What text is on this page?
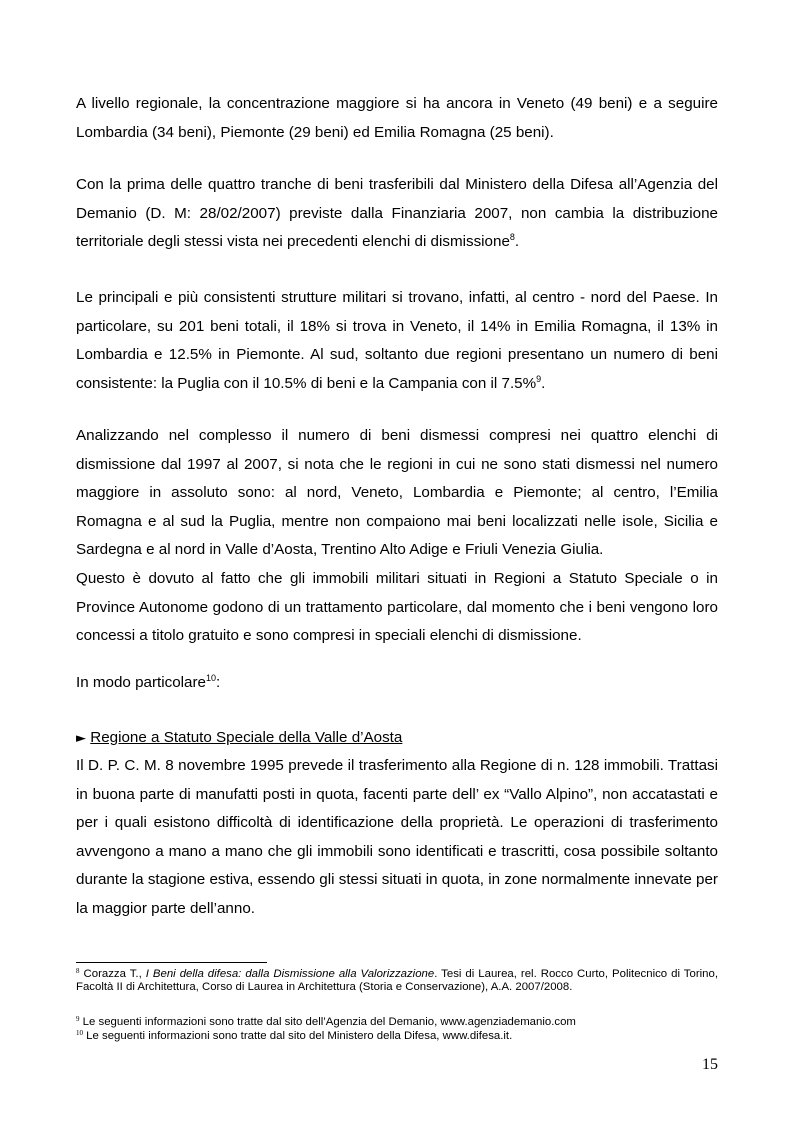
A livello regionale, la concentrazione maggiore si ha ancora in Veneto (49 beni) e a seguire Lombardia (34 beni), Piemonte (29 beni) ed Emilia Romagna (25 beni).

Con la prima delle quattro tranche di beni trasferibili dal Ministero della Difesa all’Agenzia del Demanio (D. M: 28/02/2007) previste dalla Finanziaria 2007, non cambia la distribuzione territoriale degli stessi vista nei precedenti elenchi di dismissione$^8$.

Le principali e più consistenti strutture militari si trovano, infatti, al centro - nord del Paese. In particolare, su 201 beni totali, il 18% si trova in Veneto, il 14% in Emilia Romagna, il 13% in Lombardia e 12.5% in Piemonte. Al sud, soltanto due regioni presentano un numero di beni consistente: la Puglia con il 10.5% di beni e la Campania con il 7.5%$^9$.

Analizzando nel complesso il numero di beni dismessi compresi nei quattro elenchi di dismissione dal 1997 al 2007, si nota che le regioni in cui ne sono stati dismessi nel numero maggiore in assoluto sono: al nord, Veneto, Lombardia e Piemonte; al centro, l’Emilia Romagna e al sud la Puglia, mentre non compaiono mai beni localizzati nelle isole, Sicilia e Sardegna e al nord in Valle d’Aosta, Trentino Alto Adige e Friuli Venezia Giulia.
Questo è dovuto al fatto che gli immobili militari situati in Regioni a Statuto Speciale o in Province Autonome godono di un trattamento particolare, dal momento che i beni vengono loro concessi a titolo gratuito e sono compresi in speciali elenchi di dismissione.

In modo particolare$^{10}$:

► Regione a Statuto Speciale della Valle d’Aosta

Il D. P. C. M. 8 novembre 1995 prevede il trasferimento alla Regione di n. 128 immobili. Trattasi in buona parte di manufatti posti in quota, facenti parte dell’ ex “Vallo Alpino”, non accatastati e per i quali esistono difficoltà di identificazione della proprietà. Le operazioni di trasferimento avvengono a mano a mano che gli immobili sono identificati e trascritti, cosa possibile soltanto durante la stagione estiva, essendo gli stessi situati in quota, in zone normalmente innevate per la maggior parte dell’anno.

$^8$ Corazza T., I Beni della difesa: dalla Dismissione alla Valorizzazione. Tesi di Laurea, rel. Rocco Curto, Politecnico di Torino, Facoltà II di Architettura, Corso di Laurea in Architettura (Storia e Conservazione), A.A. 2007/2008.

$^9$ Le seguenti informazioni sono tratte dal sito dell’Agenzia del Demanio, www.agenziademanio.com

$^{10}$ Le seguenti informazioni sono tratte dal sito del Ministero della Difesa, www.difesa.it.

15
